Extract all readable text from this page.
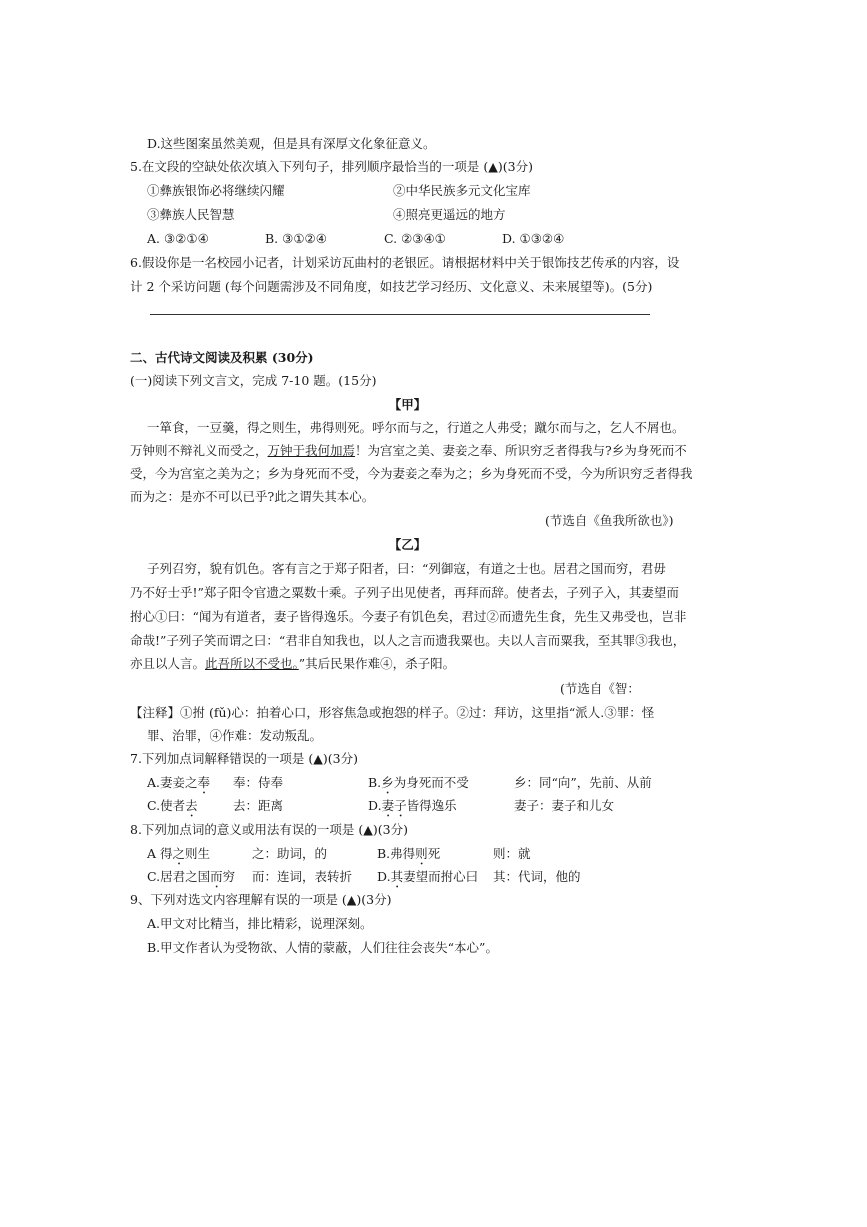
D.这些图案虽然美观，但是具有深厚文化象征意义。
5.在文段的空缺处依次填入下列句子，排列顺序最恰当的一项是 (▲)(3分)
①彝族银饰必将继续闪耀	②中华民族多元文化宝库
③彝族人民智慧	④照亮更遥远的地方
A. ③②①④	B. ③①②④	C. ②③④①	D. ①③②④
6.假设你是一名校园小记者，计划采访瓦曲村的老银匠。请根据材料中关于银饰技艺传承的内容，设
计 2 个采访问题 (每个问题需涉及不同角度，如技艺学习经历、文化意义、未来展望等)。(5分)
二、古代诗文阅读及积累 (30分)
(一)阅读下列文言文，完成 7-10 题。(15分)
【甲】
一箪食，一豆羹，得之则生，弗得则死。呼尔而与之，行道之人弗受；蹴尔而与之，乞人不屑也。
万钟则不辩礼义而受之，万钟于我何加焉！为宫室之美、妻妾之奉、所识穷乏者得我与?乡为身死而不
受，今为宫室之美为之；乡为身死而不受，今为妻妾之奉为之；乡为身死而不受，今为所识穷乏者得我
而为之：是亦不可以已乎?此之谓失其本心。
(节选自《鱼我所欲也》)
【乙】
子列召穷，貌有饥色。客有言之于郑子阳者，曰：“列御寇，有道之士也。居君之国而穷，君毋
乃不好士乎!”郑子阳令官遗之粟数十乘。子列子出见使者，再拜而辞。使者去，子列子入，其妻望而
拊心①曰：“闻为有道者，妻子皆得逸乐。今妻子有饥色矣，君过②而遗先生食，先生又弗受也，岂非
命哉!”子列子笑而谓之曰：“君非自知我也，以人之言而遗我粟也。夫以人言而粟我，至其罪③我也，
亦且以人言。此吾所以不受也。”其后民果作难④，杀子阳。
(节选自《智：
【注释】①拊 (fǔ)心：拍着心口，形容焦急或抱怨的样子。②过：拜访，这里指“派人.③罪：怪
罪、治罪，④作难：发动叛乱。
7.下列加点词解释错误的一项是 (▲)(3分)
A.妻妾之奉 奉：侍奉	B.乡为身死而不受	乡：同“向”，先前、从前
C.使者去	去：距离	D.妻子皆得逸乐	妻子：妻子和儿女
8.下列加点词的意义或用法有误的一项是 (▲)(3分)
A 得之则生	之：助词，的	B.弗得则死	则：就
C.居君之国而穷 而：连词，表转折 D.其妻望而拊心曰 其：代词，他的
9、下列对选文内容理解有误的一项是 (▲)(3分)
A.甲文对比精当，排比精彩，说理深刻。
B.甲文作者认为受物欲、人情的蒙蔽，人们往往会丧失“本心”。
